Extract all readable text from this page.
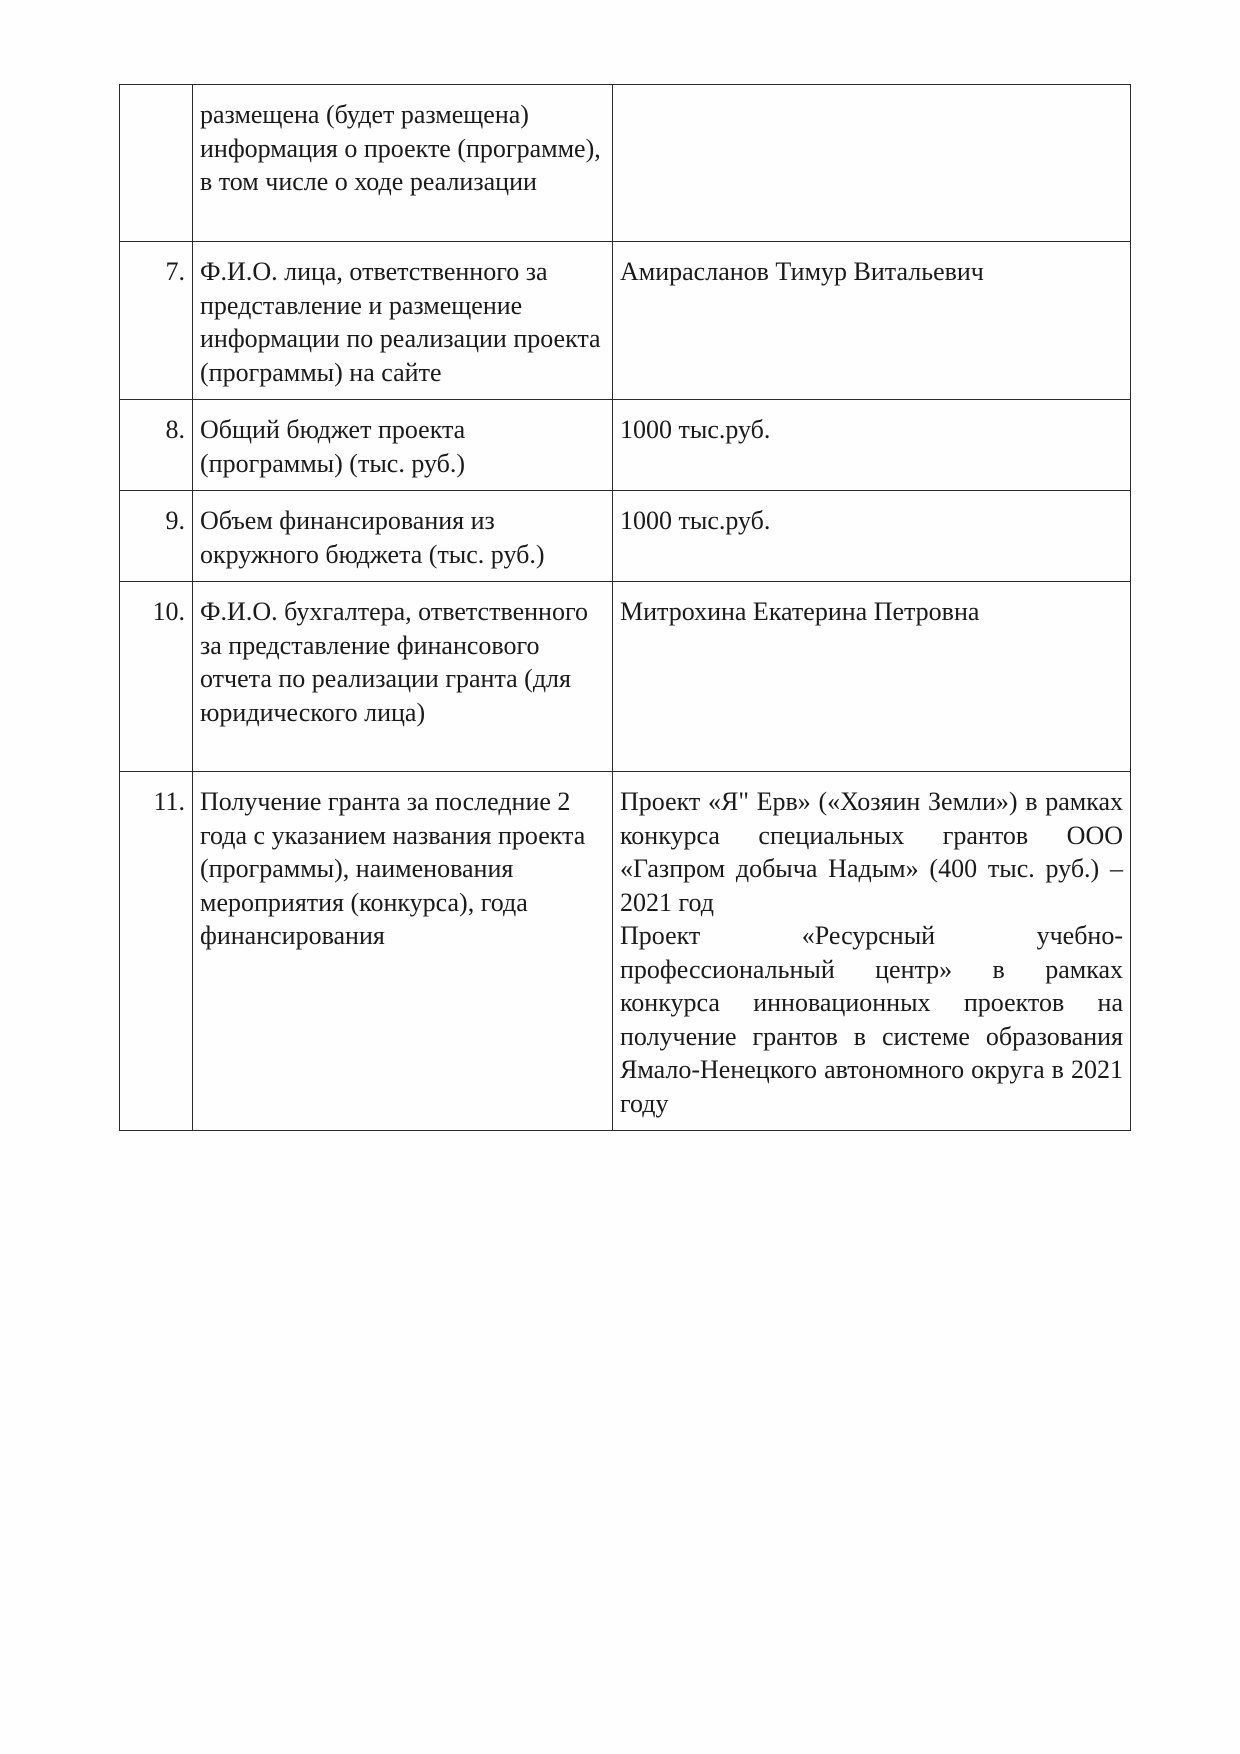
	размещена (будет размещена) информация о проекте (программе), в том числе о ходе реализации	
7.	Ф.И.О. лица, ответственного за представление и размещение информации по реализации проекта (программы) на сайте	Амирасланов Тимур Витальевич
8.	Общий бюджет проекта (программы) (тыс. руб.)	1000 тыс.руб.
9.	Объем финансирования из окружного бюджета (тыс. руб.)	1000 тыс.руб.
10.	Ф.И.О. бухгалтера, ответственного за представление финансового отчета по реализации гранта (для юридического лица)	Митрохина Екатерина Петровна
11.	Получение гранта за последние 2 года с указанием названия проекта (программы), наименования мероприятия (конкурса), года финансирования	Проект «Я" Ерв» («Хозяин Земли») в рамках конкурса специальных грантов ООО «Газпром добыча Надым» (400 тыс. руб.) – 2021 год
Проект «Ресурсный учебно-профессиональный центр» в рамках конкурса инновационных проектов на получение грантов в системе образования Ямало-Ненецкого автономного округа в 2021 году
